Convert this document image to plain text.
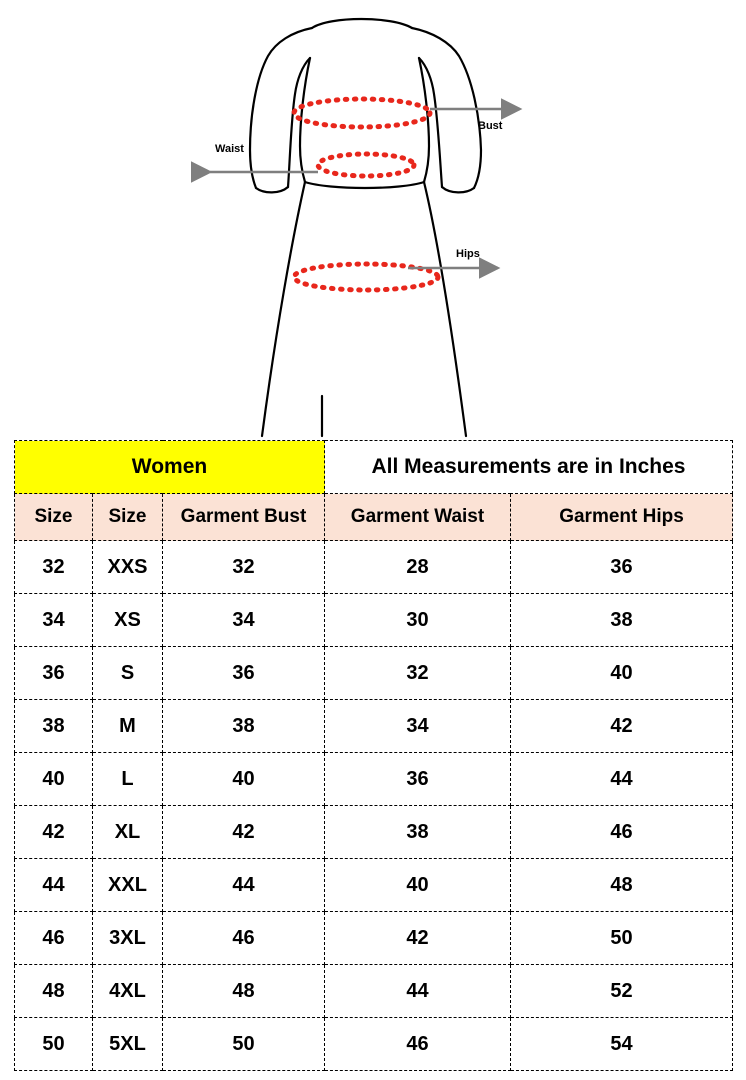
Bust
Waist
Hips
Women			All Measurements are in Inches	
Size	Size	Garment Bust	Garment Waist	Garment Hips
32	XXS	32	28	36
34	XS	34	30	38
36	S	36	32	40
38	M	38	34	42
40	L	40	36	44
42	XL	42	38	46
44	XXL	44	40	48
46	3XL	46	42	50
48	4XL	48	44	52
50	5XL	50	46	54
